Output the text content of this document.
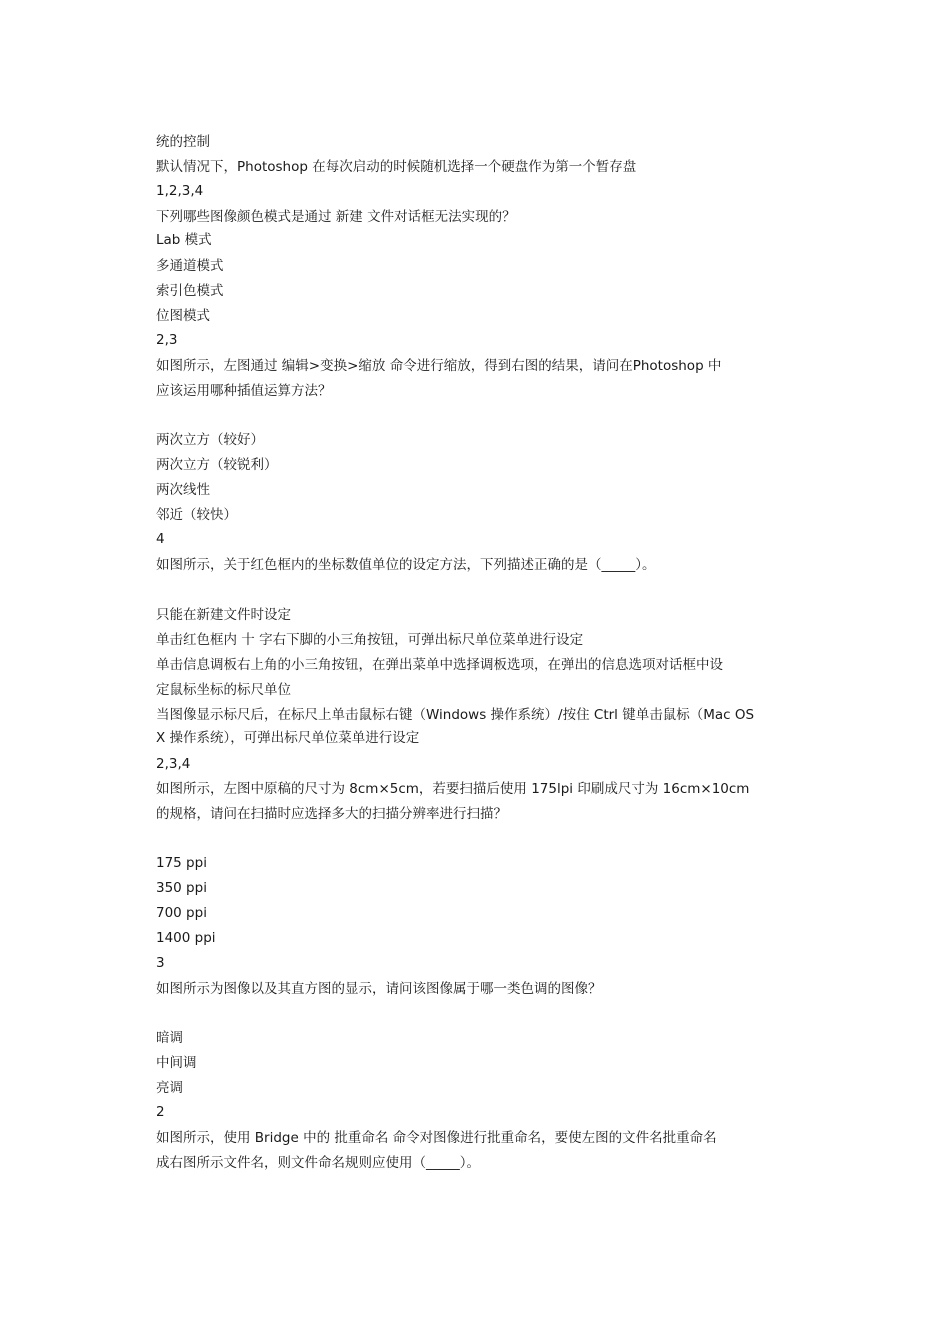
统的控制
默认情况下，Photoshop 在每次启动的时候随机选择一个硬盘作为第一个暂存盘
1,2,3,4
下列哪些图像颜色模式是通过 新建 文件对话框无法实现的？
Lab 模式
多通道模式
索引色模式
位图模式
2,3
如图所示，左图通过 编辑>变换>缩放 命令进行缩放，得到右图的结果，请问在Photoshop 中
应该运用哪种插值运算方法？
两次立方（较好）
两次立方（较锐利）
两次线性
邻近（较快）
4
如图所示，关于红色框内的坐标数值单位的设定方法，下列描述正确的是（_____）。
只能在新建文件时设定
单击红色框内 十 字右下脚的小三角按钮，可弹出标尺单位菜单进行设定
单击信息调板右上角的小三角按钮，在弹出菜单中选择调板选项，在弹出的信息选项对话框中设
定鼠标坐标的标尺单位
当图像显示标尺后，在标尺上单击鼠标右键（Windows 操作系统）/按住 Ctrl 键单击鼠标（Mac OS
X 操作系统），可弹出标尺单位菜单进行设定
2,3,4
如图所示，左图中原稿的尺寸为 8cm×5cm，若要扫描后使用 175lpi 印刷成尺寸为 16cm×10cm
的规格，请问在扫描时应选择多大的扫描分辨率进行扫描？
175 ppi
350 ppi
700 ppi
1400 ppi
3
如图所示为图像以及其直方图的显示，请问该图像属于哪一类色调的图像？
暗调
中间调
亮调
2
如图所示，使用 Bridge 中的 批重命名 命令对图像进行批重命名，要使左图的文件名批重命名
成右图所示文件名，则文件命名规则应使用（_____）。
